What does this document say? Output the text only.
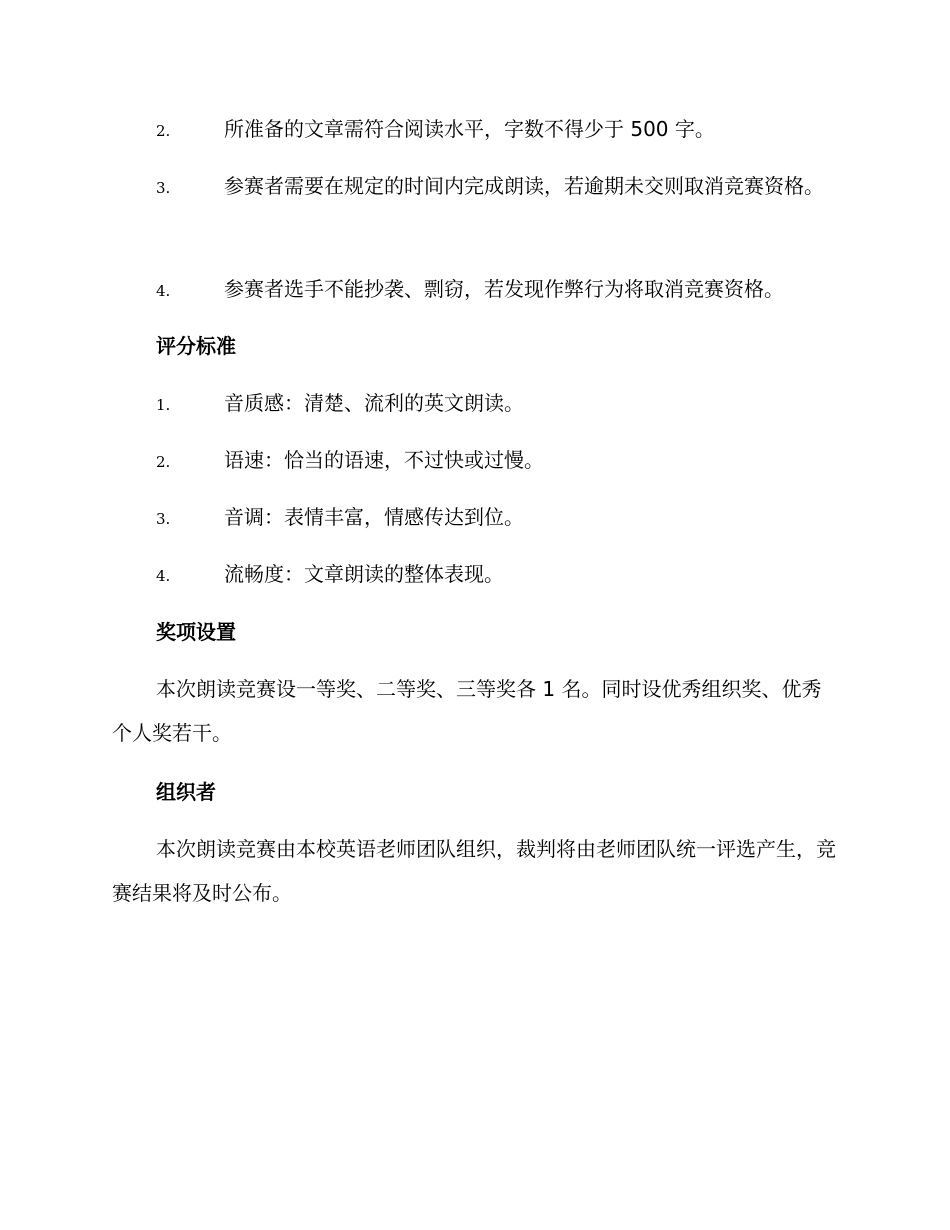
2.	所准备的文章需符合阅读水平，字数不得少于 500 字。
3.	参赛者需要在规定的时间内完成朗读，若逾期未交则取消竞赛资格。
4.	参赛者选手不能抄袭、剽窃，若发现作弊行为将取消竞赛资格。
评分标准
1.	音质感：清楚、流利的英文朗读。
2.	语速：恰当的语速，不过快或过慢。
3.	音调：表情丰富，情感传达到位。
4.	流畅度：文章朗读的整体表现。
奖项设置
本次朗读竞赛设一等奖、二等奖、三等奖各 1 名。同时设优秀组织奖、优秀个人奖若干。
组织者
本次朗读竞赛由本校英语老师团队组织，裁判将由老师团队统一评选产生，竞赛结果将及时公布。
